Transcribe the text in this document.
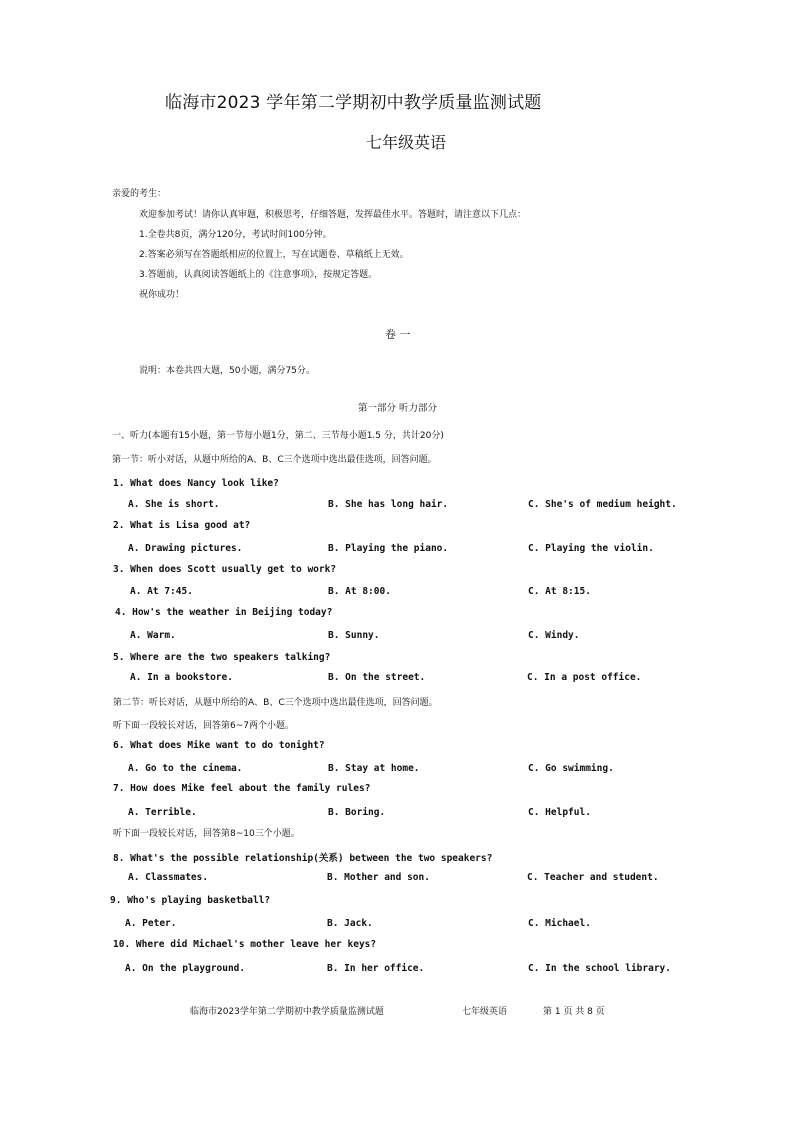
临海市2023 学年第二学期初中教学质量监测试题
七年级英语
亲爱的考生：
欢迎参加考试！请你认真审题，积极思考，仔细答题，发挥最佳水平。答题时，请注意以下几点：
1.全卷共8页，满分120分，考试时间100分钟。
2.答案必须写在答题纸相应的位置上，写在试题卷、草稿纸上无效。
3.答题前，认真阅读答题纸上的《注意事项》，按规定答题。
祝你成功！
卷 一
说明：本卷共四大题，50小题，满分75分。
第一部分 听力部分
一、听力(本题有15小题，第一节每小题1分，第二、三节每小题1.5 分，共计20分)
第一节：听小对话，从题中所给的A、B、C三个选项中选出最佳选项，回答问题。
1. What does Nancy look like?
A. She is short.	B. She has long hair.	C. She's of medium height.
2. What is Lisa good at?
A. Drawing pictures.	B. Playing the piano.	C. Playing the violin.
3. When does Scott usually get to work?
A. At 7:45.	B. At 8:00.	C. At 8:15.
4. How's the weather in Beijing today?
A. Warm.	B. Sunny.	C. Windy.
5. Where are the two speakers talking?
A. In a bookstore.	B. On the street.	C. In a post office.
第二节：听长对话，从题中所给的A、B、C三个选项中选出最佳选项，回答问题。
听下面一段较长对话，回答第6~7两个小题。
6. What does Mike want to do tonight?
A. Go to the cinema.	B. Stay at home.	C. Go swimming.
7. How does Mike feel about the family rules?
A. Terrible.	B. Boring.	C. Helpful.
听下面一段较长对话，回答第8~10三个小题。
8. What's the possible relationship(关系) between the two speakers?
A. Classmates.	B. Mother and son.	C. Teacher and student.
9. Who's playing basketball?
A. Peter.	B. Jack.	C. Michael.
10. Where did Michael's mother leave her keys?
A. On the playground.	B. In her office.	C. In the school library.
临海市2023学年第二学期初中教学质量监测试题	七年级英语	第 1 页 共 8 页
